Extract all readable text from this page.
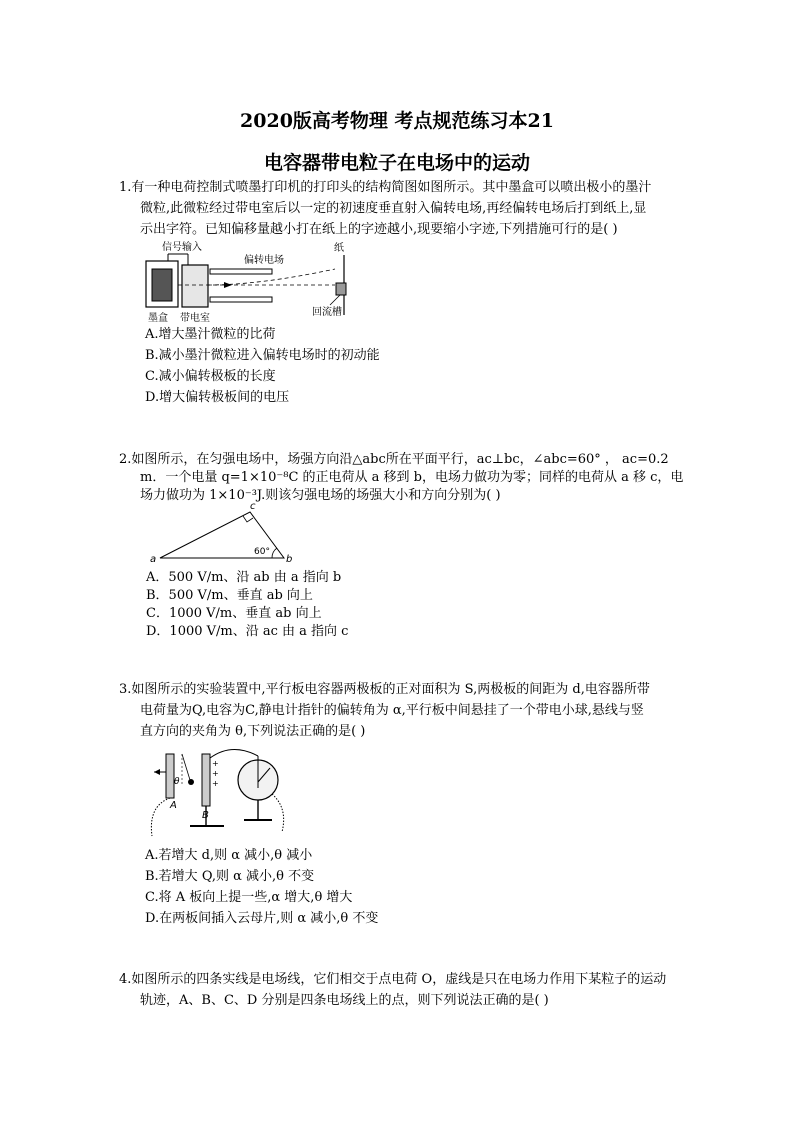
2020版高考物理 考点规范练习本21
电容器带电粒子在电场中的运动
1.有一种电荷控制式喷墨打印机的打印头的结构简图如图所示。其中墨盒可以喷出极小的墨汁
微粒,此微粒经过带电室后以一定的初速度垂直射入偏转电场,再经偏转电场后打到纸上,显
示出字符。已知偏移量越小打在纸上的字迹越小,现要缩小字迹,下列措施可行的是( )
信号输入
偏转电场
纸
回流槽
墨盒 带电室
A.增大墨汁微粒的比荷
B.减小墨汁微粒进入偏转电场时的初动能
C.减小偏转极板的长度
D.增大偏转极板间的电压
2.如图所示，在匀强电场中，场强方向沿△abc所在平面平行，ac⊥bc，∠abc=60° ， ac=0.2
m．一个电量 q=1×10⁻⁸C 的正电荷从 a 移到 b，电场力做功为零；同样的电荷从 a 移 c，电
场力做功为 1×10⁻³J.则该匀强电场的场强大小和方向分别为( )
a	b
c
60°
A．500 V/m、沿 ab 由 a 指向 b
B．500 V/m、垂直 ab 向上
C．1000 V/m、垂直 ab 向上
D．1000 V/m、沿 ac 由 a 指向 c
3.如图所示的实验装置中,平行板电容器两极板的正对面积为 S,两极板的间距为 d,电容器所带
电荷量为Q,电容为C,静电计指针的偏转角为 α,平行板中间悬挂了一个带电小球,悬线与竖
直方向的夹角为 θ,下列说法正确的是( )
+
+
+
θ
A
B
A.若增大 d,则 α 减小,θ 减小
B.若增大 Q,则 α 减小,θ 不变
C.将 A 板向上提一些,α 增大,θ 增大
D.在两板间插入云母片,则 α 减小,θ 不变
4.如图所示的四条实线是电场线，它们相交于点电荷 O，虚线是只在电场力作用下某粒子的运动
轨迹，A、B、C、D 分别是四条电场线上的点，则下列说法正确的是( )
